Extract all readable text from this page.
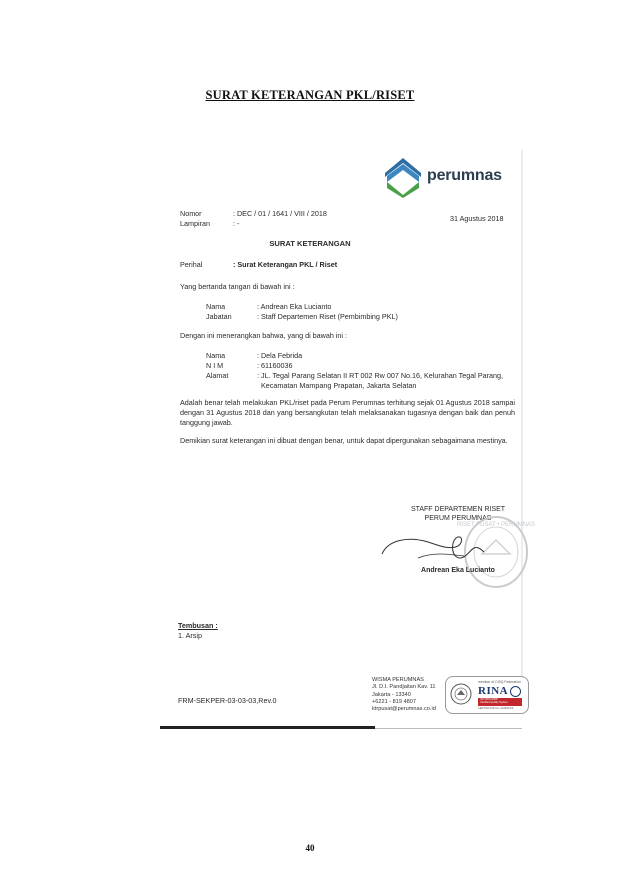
SURAT KETERANGAN PKL/RISET
perumnas
Nomor	: DEC / 01 / 1641 / VIII / 2018
Lampiran	: -
31 Agustus 2018
SURAT KETERANGAN
Perihal	: Surat Keterangan PKL / Riset
Yang bertanda tangan di bawah ini :
Nama	: Andrean Eka Lucianto
Jabatan	: Staff Departemen Riset (Pembimbing PKL)
Dengan ini menerangkan bahwa, yang di bawah ini :
Nama	: Dela Febrida
N I M	: 61160036
Alamat	: JL. Tegal Parang Selatan II RT 002 Rw 007 No.16, Kelurahan Tegal Parang,
Kecamatan Mampang Prapatan, Jakarta Selatan
Adalah benar telah melakukan PKL/riset pada Perum Perumnas terhitung sejak 01 Agustus 2018 sampai dengan 31 Agustus 2018 dan yang bersangkutan telah melaksanakan tugasnya dengan baik dan penuh tanggung jawab.
Demikian surat keterangan ini dibuat dengan benar, untuk dapat dipergunakan sebagaimana mestinya.
STAFF DEPARTEMEN RISET
PERUM PERUMNAS
RISET PUSAT • PERUMNAS
Andrean Eka Lucianto
Tembusan :
1. Arsip
FRM-SEKPER-03-03-03,Rev.0
WISMA PERUMNAS
Jl. D.I. Pandjaitan Kav. 11
Jakarta - 13340
+6221 - 819 4807
ktrpusat@perumnas.co.id
member of CISQ Federation
RINA
ISO 9001:2008
Certified Quality System
CERTIFICATE No. 21390/14/S
40
